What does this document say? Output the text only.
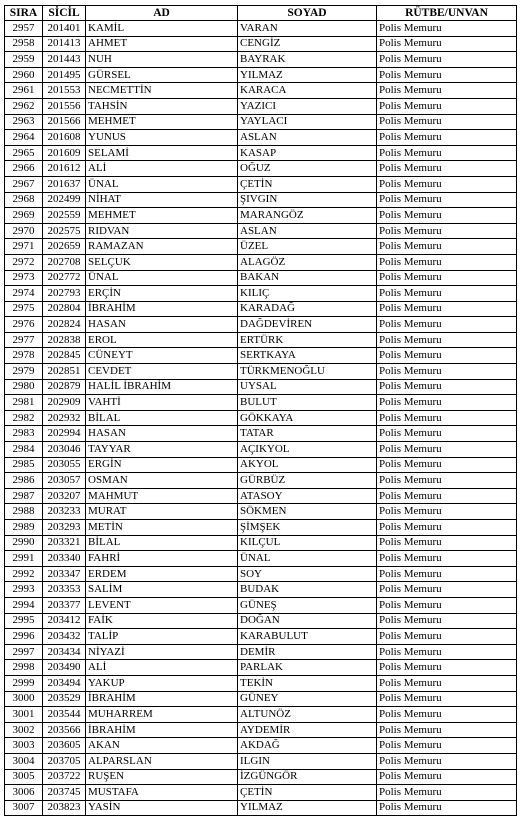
SIRA	SİCİL	AD	SOYAD	RÜTBE/UNVAN
2957	201401	KAMİL	VARAN	Polis Memuru
2958	201413	AHMET	CENGİZ	Polis Memuru
2959	201443	NUH	BAYRAK	Polis Memuru
2960	201495	GÜRSEL	YILMAZ	Polis Memuru
2961	201553	NECMETTİN	KARACA	Polis Memuru
2962	201556	TAHSİN	YAZICI	Polis Memuru
2963	201566	MEHMET	YAYLACI	Polis Memuru
2964	201608	YUNUS	ASLAN	Polis Memuru
2965	201609	SELAMİ	KASAP	Polis Memuru
2966	201612	ALİ	OĞUZ	Polis Memuru
2967	201637	ÜNAL	ÇETİN	Polis Memuru
2968	202499	NİHAT	ŞIVGIN	Polis Memuru
2969	202559	MEHMET	MARANGÖZ	Polis Memuru
2970	202575	RIDVAN	ASLAN	Polis Memuru
2971	202659	RAMAZAN	ÜZEL	Polis Memuru
2972	202708	SELÇUK	ALAGÖZ	Polis Memuru
2973	202772	ÜNAL	BAKAN	Polis Memuru
2974	202793	ERÇİN	KILIÇ	Polis Memuru
2975	202804	İBRAHİM	KARADAĞ	Polis Memuru
2976	202824	HASAN	DAĞDEVİREN	Polis Memuru
2977	202838	EROL	ERTÜRK	Polis Memuru
2978	202845	CÜNEYT	SERTKAYA	Polis Memuru
2979	202851	CEVDET	TÜRKMENOĞLU	Polis Memuru
2980	202879	HALİL İBRAHİM	UYSAL	Polis Memuru
2981	202909	VAHTİ	BULUT	Polis Memuru
2982	202932	BİLAL	GÖKKAYA	Polis Memuru
2983	202994	HASAN	TATAR	Polis Memuru
2984	203046	TAYYAR	AÇIKYOL	Polis Memuru
2985	203055	ERGİN	AKYOL	Polis Memuru
2986	203057	OSMAN	GÜRBÜZ	Polis Memuru
2987	203207	MAHMUT	ATASOY	Polis Memuru
2988	203233	MURAT	SÖKMEN	Polis Memuru
2989	203293	METİN	ŞİMŞEK	Polis Memuru
2990	203321	BİLAL	KILÇUL	Polis Memuru
2991	203340	FAHRİ	ÜNAL	Polis Memuru
2992	203347	ERDEM	SOY	Polis Memuru
2993	203353	SALİM	BUDAK	Polis Memuru
2994	203377	LEVENT	GÜNEŞ	Polis Memuru
2995	203412	FAİK	DOĞAN	Polis Memuru
2996	203432	TALİP	KARABULUT	Polis Memuru
2997	203434	NİYAZİ	DEMİR	Polis Memuru
2998	203490	ALİ	PARLAK	Polis Memuru
2999	203494	YAKUP	TEKİN	Polis Memuru
3000	203529	İBRAHİM	GÜNEY	Polis Memuru
3001	203544	MUHARREM	ALTUNÖZ	Polis Memuru
3002	203566	İBRAHİM	AYDEMİR	Polis Memuru
3003	203605	AKAN	AKDAĞ	Polis Memuru
3004	203705	ALPARSLAN	ILGIN	Polis Memuru
3005	203722	RUŞEN	İZGÜNGÖR	Polis Memuru
3006	203745	MUSTAFA	ÇETİN	Polis Memuru
3007	203823	YASİN	YILMAZ	Polis Memuru
